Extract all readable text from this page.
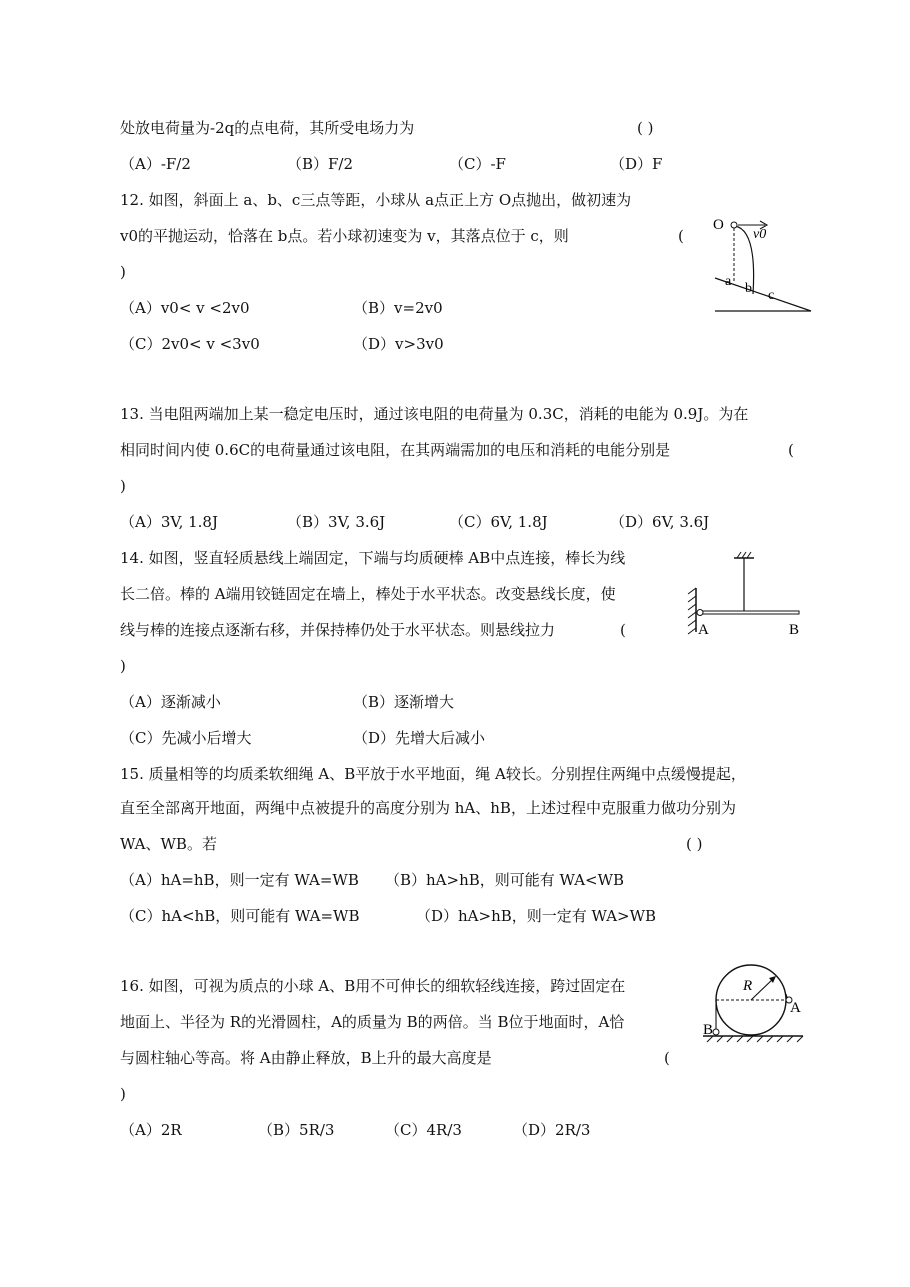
处放电荷量为-2q的点电荷，其所受电场力为	( )
（A）-F/2	（B）F/2	（C）-F	（D）F
12. 如图，斜面上 a、b、c三点等距，小球从 a点正上方 O点抛出，做初速为
v0的平抛运动，恰落在 b点。若小球初速变为 v，其落点位于 c，则	(
)
（A）v0< v <2v0	（B）v=2v0
（C）2v0< v <3v0	（D）v>3v0
O
v0
a b c
13. 当电阻两端加上某一稳定电压时，通过该电阻的电荷量为 0.3C，消耗的电能为 0.9J。为在
相同时间内使 0.6C的电荷量通过该电阻，在其两端需加的电压和消耗的电能分别是	(
)
（A）3V, 1.8J	（B）3V, 3.6J	（C）6V, 1.8J	（D）6V, 3.6J
14. 如图，竖直轻质悬线上端固定，下端与均质硬棒 AB中点连接，棒长为线
长二倍。棒的 A端用铰链固定在墙上，棒处于水平状态。改变悬线长度，使
线与棒的连接点逐渐右移，并保持棒仍处于水平状态。则悬线拉力	(
)
（A）逐渐减小	（B）逐渐增大
（C）先减小后增大	（D）先增大后减小
A	B
15. 质量相等的均质柔软细绳 A、B平放于水平地面，绳 A较长。分别捏住两绳中点缓慢提起，
直至全部离开地面，两绳中点被提升的高度分别为 hA、hB，上述过程中克服重力做功分别为
WA、WB。若	( )
（A）hA=hB，则一定有 WA=WB （B）hA>hB，则可能有 WA<WB
（C）hA<hB，则可能有 WA=WB	（D）hA>hB，则一定有 WA>WB
16. 如图，可视为质点的小球 A、B用不可伸长的细软轻线连接，跨过固定在
地面上、半径为 R的光滑圆柱，A的质量为 B的两倍。当 B位于地面时，A恰
与圆柱轴心等高。将 A由静止释放，B上升的最大高度是	(
)
（A）2R	（B）5R/3	（C）4R/3	（D）2R/3
R
A
B
